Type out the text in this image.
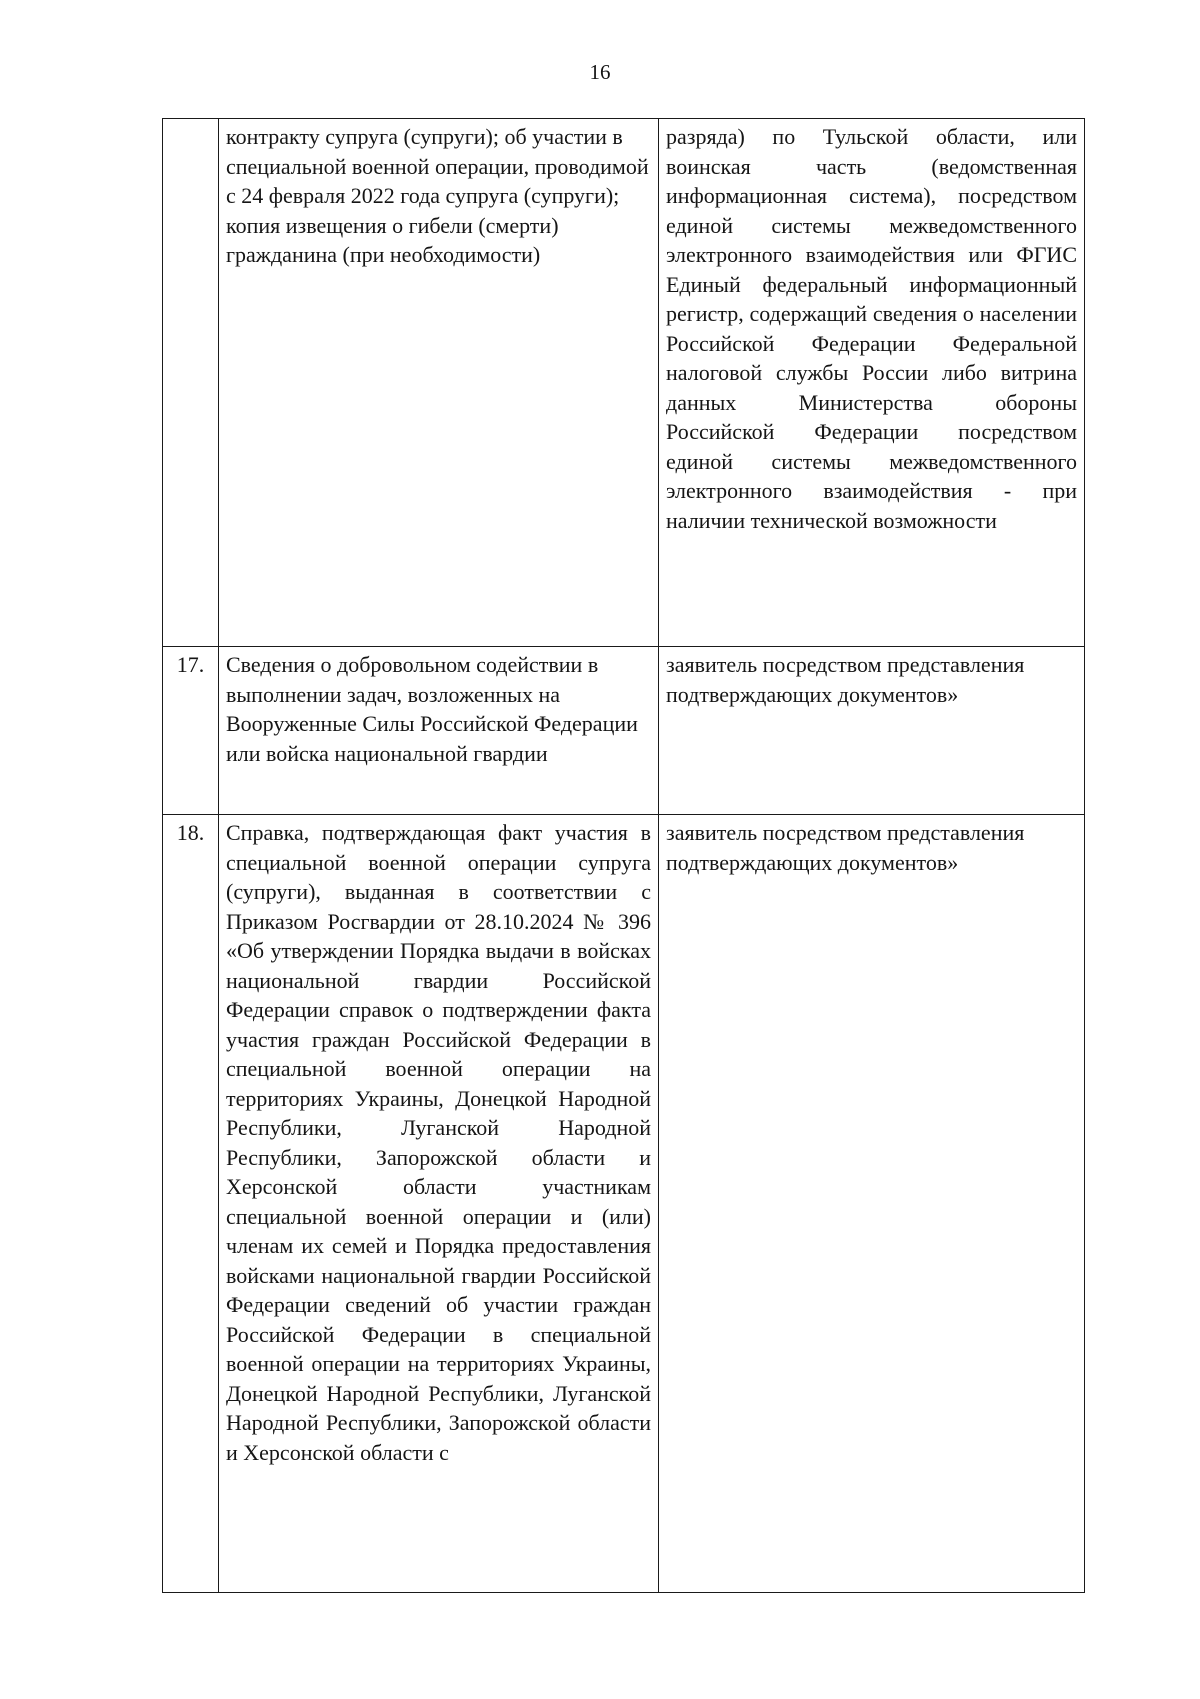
16
	контракту супруга (супруги); об участии в специальной военной операции, проводимой с 24 февраля 2022 года супруга (супруги); копия извещения о гибели (смерти) гражданина (при необходимости)	разряда) по Тульской области, или воинская часть (ведомственная информационная система), посредством единой системы межведомственного электронного взаимодействия или ФГИС Единый федеральный информационный регистр, содержащий сведения о населении Российской Федерации Федеральной налоговой службы России либо витрина данных Министерства обороны Российской Федерации посредством единой системы межведомственного электронного взаимодействия - при наличии технической возможности
17.	Сведения о добровольном содействии в выполнении задач, возложенных на Вооруженные Силы Российской Федерации или войска национальной гвардии	заявитель посредством представления подтверждающих документов»
18.	Справка, подтверждающая факт участия в специальной военной операции супруга (супруги), выданная в соответствии с Приказом Росгвардии от 28.10.2024 № 396 «Об утверждении Порядка выдачи в войсках национальной гвардии Российской Федерации справок о подтверждении факта участия граждан Российской Федерации в специальной военной операции на территориях Украины, Донецкой Народной Республики, Луганской Народной Республики, Запорожской области и Херсонской области участникам специальной военной операции и (или) членам их семей и Порядка предоставления войсками национальной гвардии Российской Федерации сведений об участии граждан Российской Федерации в специальной военной операции на территориях Украины, Донецкой Народной Республики, Луганской Народной Республики, Запорожской области и Херсонской области с	заявитель посредством представления подтверждающих документов»
